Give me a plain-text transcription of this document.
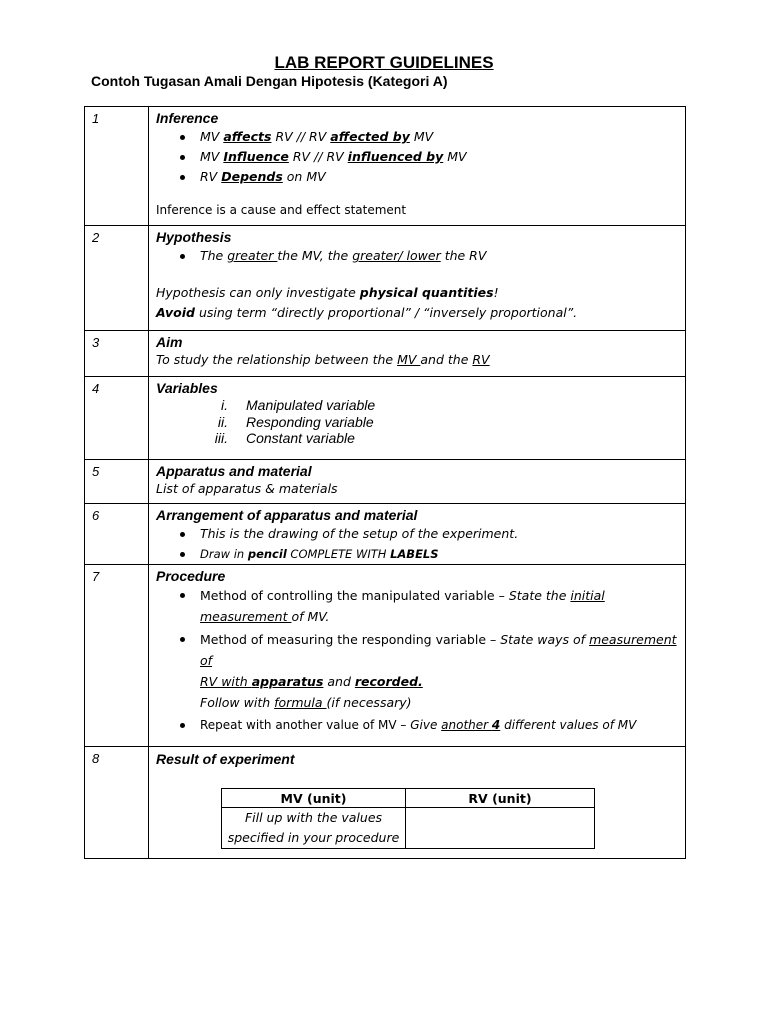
LAB REPORT GUIDELINES
Contoh Tugasan Amali Dengan Hipotesis (Kategori A)
1	Inference
MV affects RV // RV affected by MV
MV Influence RV // RV influenced by MV
RV Depends on MV
Inference is a cause and effect statement

2	Hypothesis
The greater the MV, the greater/ lower the RV
Hypothesis can only investigate physical quantities!
Avoid using term “directly proportional” / “inversely proportional”.

3	Aim
To study the relationship between the MV and the RV

4	Variables
i. Manipulated variable
ii. Responding variable
iii. Constant variable

5	Apparatus and material
List of apparatus & materials

6	Arrangement of apparatus and material
This is the drawing of the setup of the experiment.
Draw in pencil COMPLETE WITH LABELS

7	Procedure
Method of controlling the manipulated variable – State the initial
measurement of MV.
Method of measuring the responding variable – State ways of measurement of
RV with apparatus and recorded.
Follow with formula (if necessary)
Repeat with another value of MV – Give another 4 different values of MV

8	Result of experiment
MV (unit)	RV (unit)
Fill up with the values specified in your procedure	
